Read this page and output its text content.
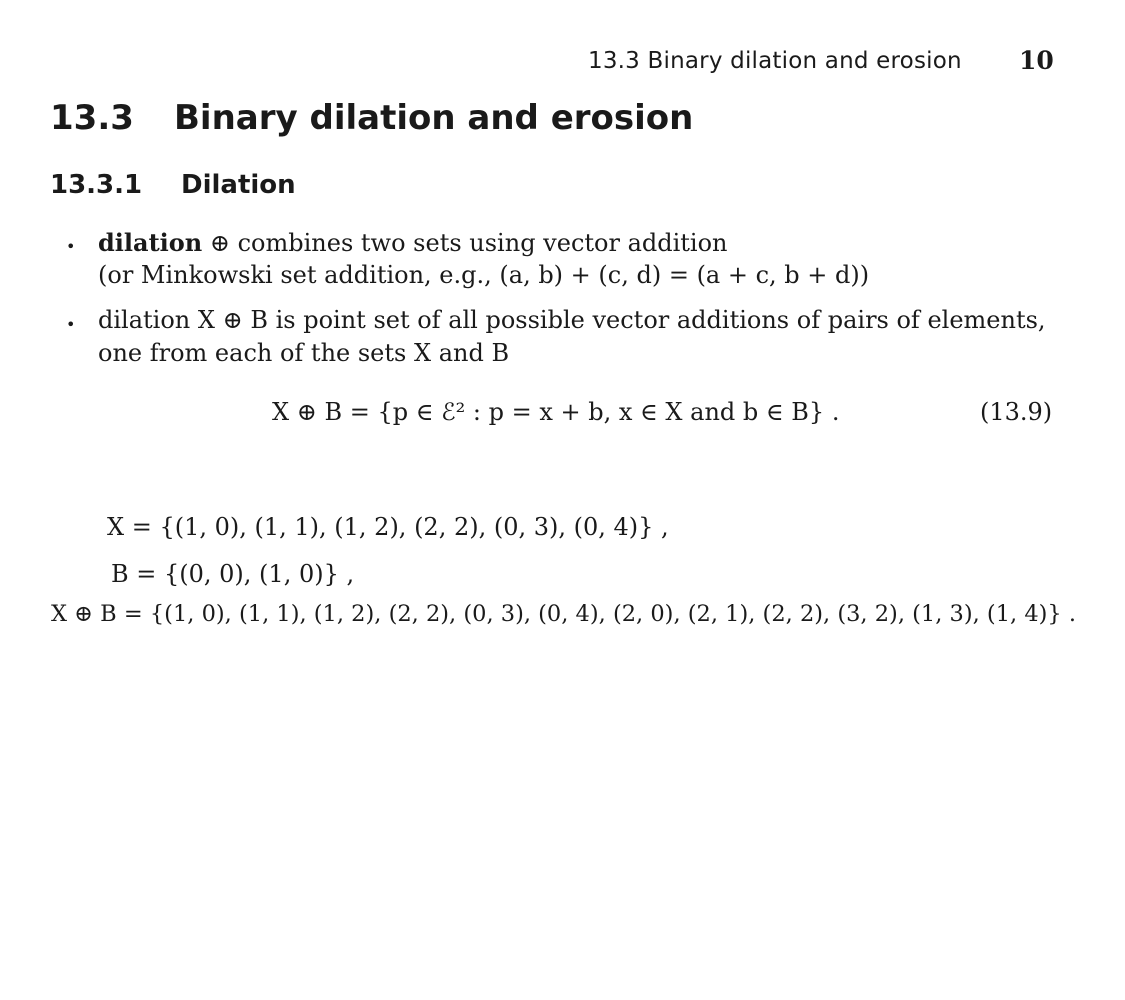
13.3 Binary dilation and erosion 10
13.3 Binary dilation and erosion
13.3.1 Dilation
• dilation ⊕ combines two sets using vector addition
(or Minkowski set addition, e.g., (a, b) + (c, d) = (a + c, b + d))
• dilation X ⊕ B is point set of all possible vector additions of pairs of elements,
one from each of the sets X and B
X ⊕ B = {p ∈ ℰ² : p = x + b, x ∈ X and b ∈ B} .	(13.9)
X = {(1, 0), (1, 1), (1, 2), (2, 2), (0, 3), (0, 4)} ,
B = {(0, 0), (1, 0)} ,
X ⊕ B = {(1, 0), (1, 1), (1, 2), (2, 2), (0, 3), (0, 4), (2, 0), (2, 1), (2, 2), (3, 2), (1, 3), (1, 4)} .
